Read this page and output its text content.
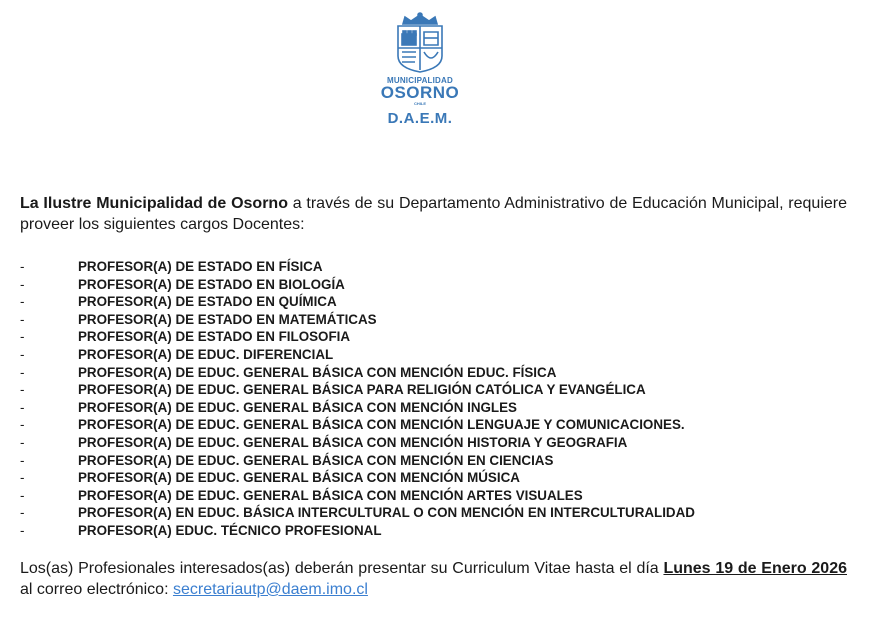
MUNICIPALIDAD
OSORNO
CHILE
D.A.E.M.

La Ilustre Municipalidad de Osorno a través de su Departamento Administrativo de Educación Municipal, requiere proveer los siguientes cargos Docentes:

-	PROFESOR(A) DE ESTADO EN FÍSICA
-	PROFESOR(A) DE ESTADO EN BIOLOGÍA
-	PROFESOR(A) DE ESTADO EN QUÍMICA
-	PROFESOR(A) DE ESTADO EN MATEMÁTICAS
-	PROFESOR(A) DE ESTADO EN FILOSOFIA
-	PROFESOR(A) DE EDUC. DIFERENCIAL
-	PROFESOR(A) DE EDUC. GENERAL BÁSICA CON MENCIÓN EDUC. FÍSICA
-	PROFESOR(A) DE EDUC. GENERAL BÁSICA PARA RELIGIÓN CATÓLICA Y EVANGÉLICA
-	PROFESOR(A) DE EDUC. GENERAL BÁSICA CON MENCIÓN INGLES
-	PROFESOR(A) DE EDUC. GENERAL BÁSICA CON MENCIÓN LENGUAJE Y COMUNICACIONES.
-	PROFESOR(A) DE EDUC. GENERAL BÁSICA CON MENCIÓN HISTORIA Y GEOGRAFIA
-	PROFESOR(A) DE EDUC. GENERAL BÁSICA CON MENCIÓN EN CIENCIAS
-	PROFESOR(A) DE EDUC. GENERAL BÁSICA CON MENCIÓN MÚSICA
-	PROFESOR(A) DE EDUC. GENERAL BÁSICA CON MENCIÓN ARTES VISUALES
-	PROFESOR(A) EN EDUC. BÁSICA INTERCULTURAL O CON MENCIÓN EN INTERCULTURALIDAD
-	PROFESOR(A) EDUC. TÉCNICO PROFESIONAL

Los(as) Profesionales interesados(as) deberán presentar su Curriculum Vitae hasta el día Lunes 19 de Enero 2026 al correo electrónico: secretariautp@daem.imo.cl
